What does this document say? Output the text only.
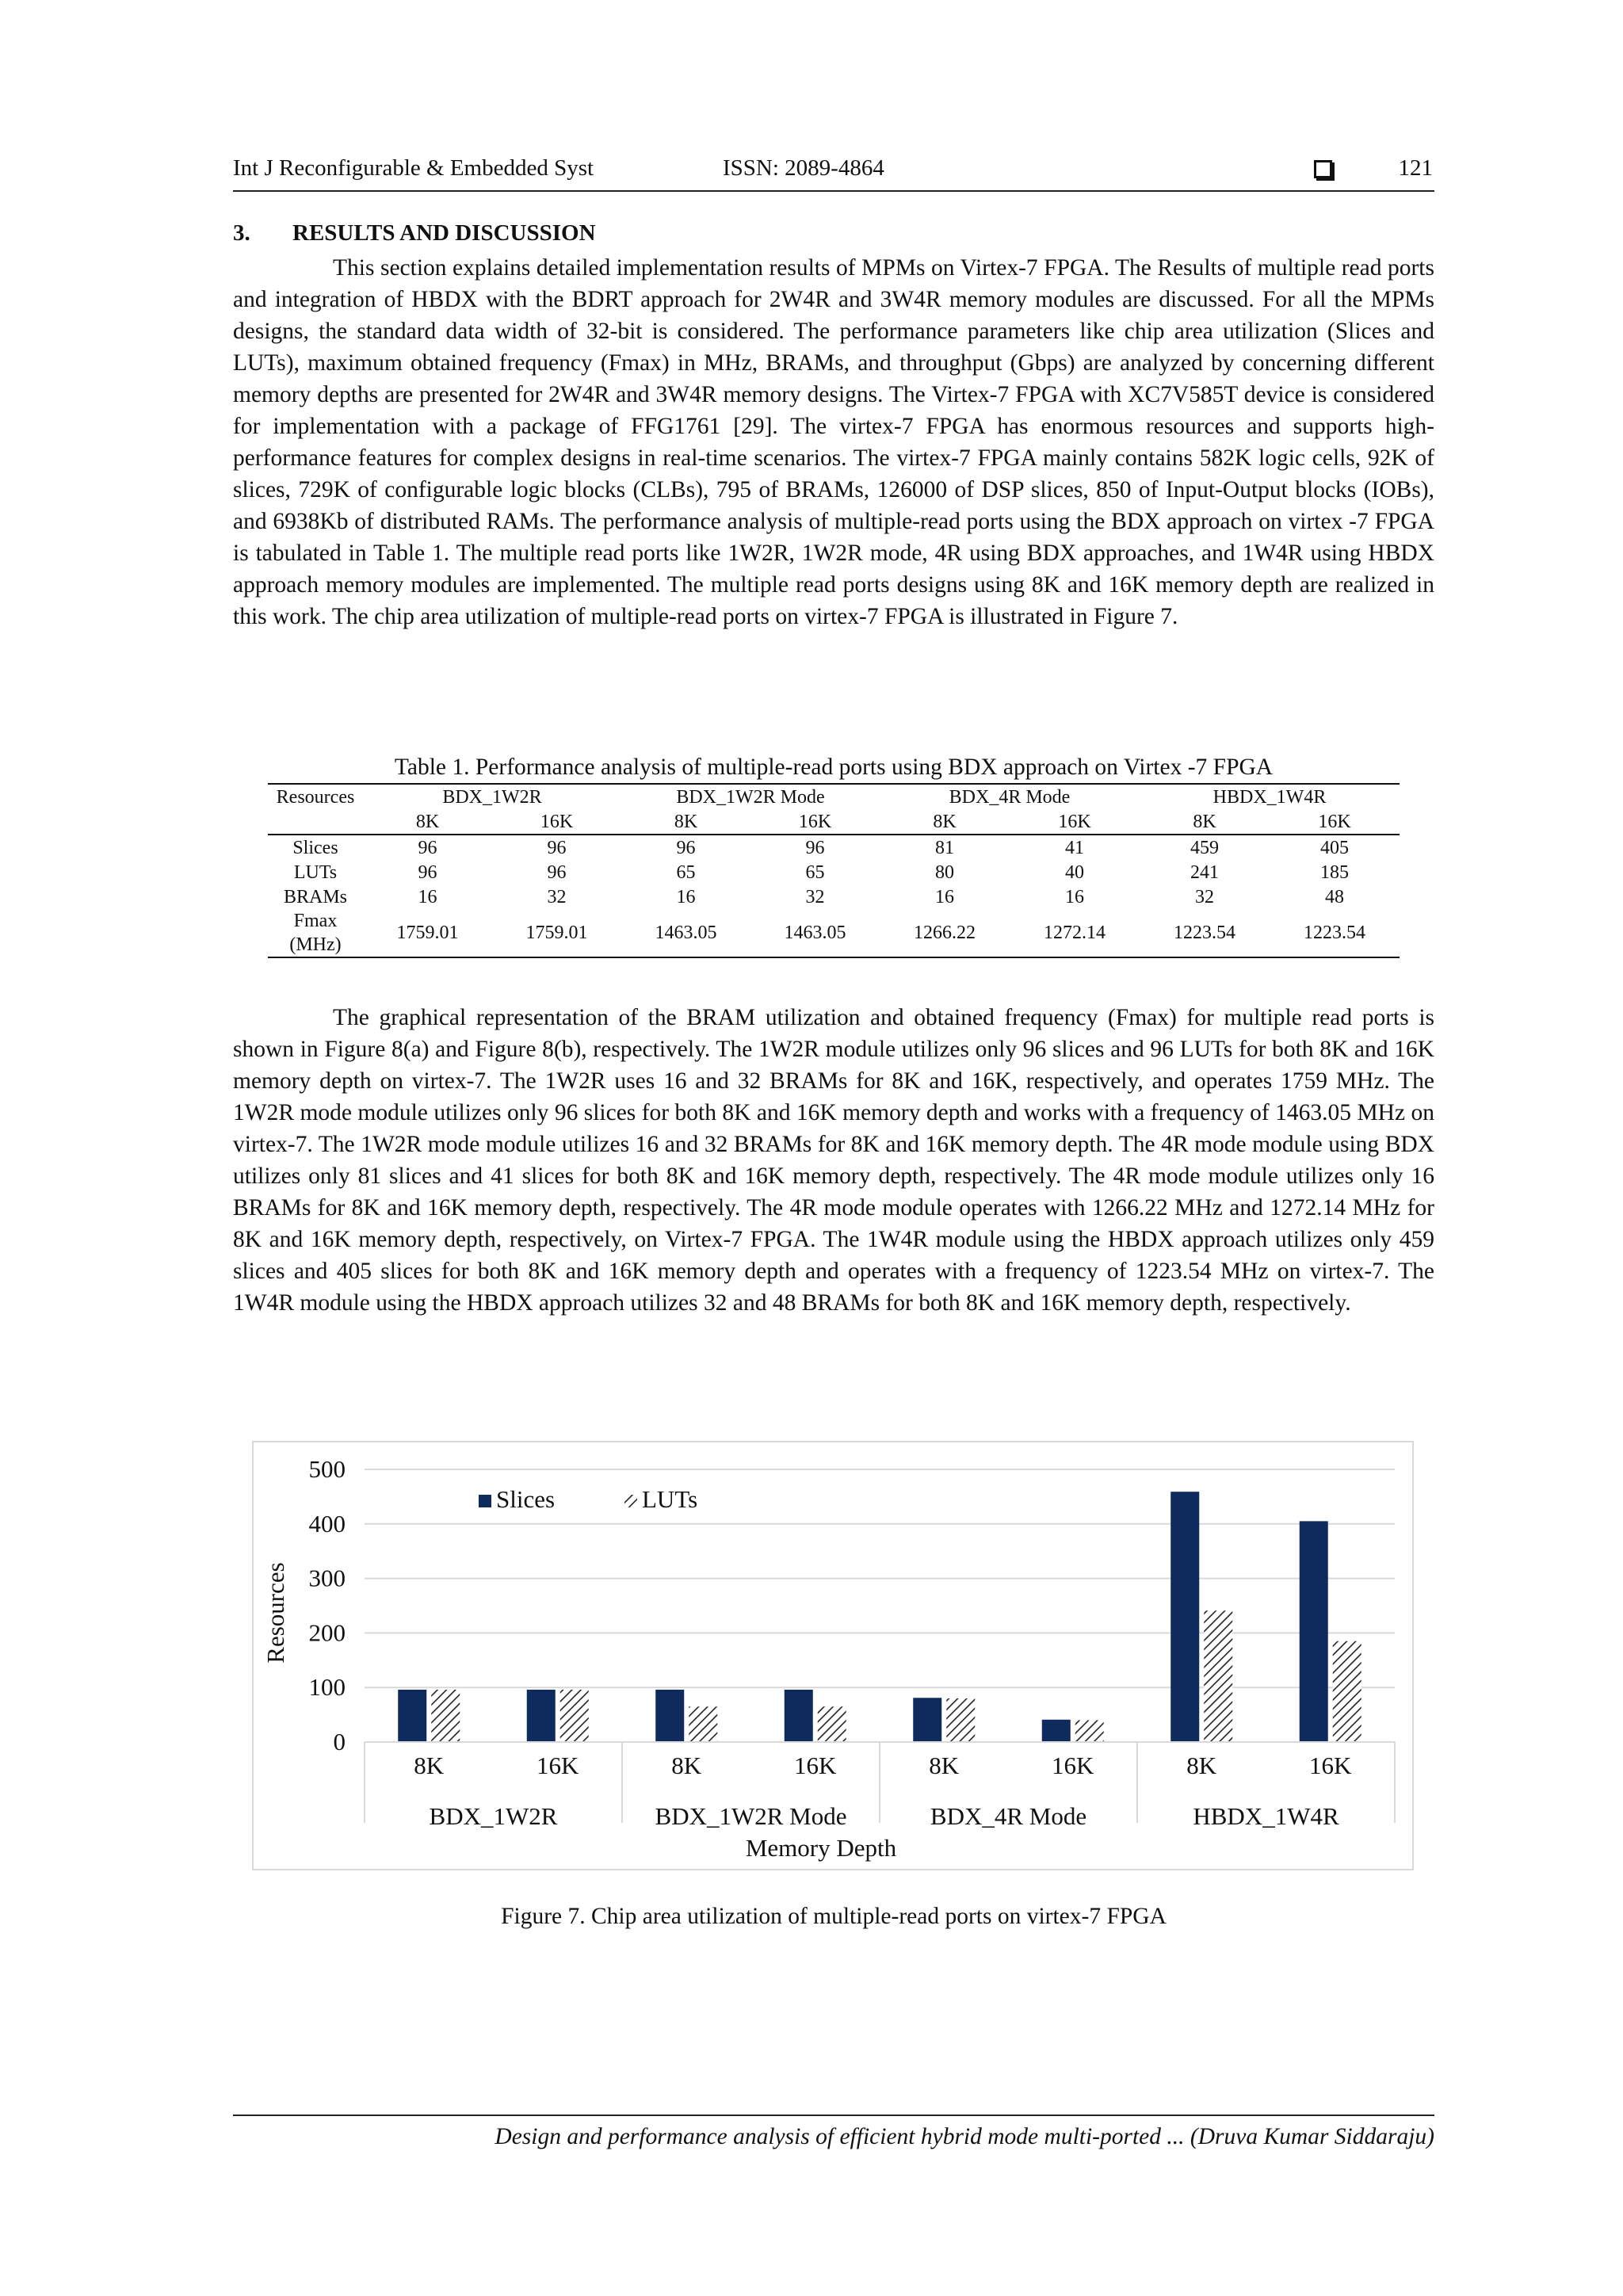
Int J Reconfigurable & Embedded Syst	ISSN: 2089-4864	121
3. RESULTS AND DISCUSSION

This section explains detailed implementation results of MPMs on Virtex-7 FPGA. The Results of multiple read ports and integration of HBDX with the BDRT approach for 2W4R and 3W4R memory modules are discussed. For all the MPMs designs, the standard data width of 32-bit is considered. The performance parameters like chip area utilization (Slices and LUTs), maximum obtained frequency (Fmax) in MHz, BRAMs, and throughput (Gbps) are analyzed by concerning different memory depths are presented for 2W4R and 3W4R memory designs. The Virtex-7 FPGA with XC7V585T device is considered for implementation with a package of FFG1761 [29]. The virtex-7 FPGA has enormous resources and supports high-performance features for complex designs in real-time scenarios. The virtex-7 FPGA mainly contains 582K logic cells, 92K of slices, 729K of configurable logic blocks (CLBs), 795 of BRAMs, 126000 of DSP slices, 850 of Input-Output blocks (IOBs), and 6938Kb of distributed RAMs. The performance analysis of multiple-read ports using the BDX approach on virtex -7 FPGA is tabulated in Table 1. The multiple read ports like 1W2R, 1W2R mode, 4R using BDX approaches, and 1W4R using HBDX approach memory modules are implemented. The multiple read ports designs using 8K and 16K memory depth are realized in this work. The chip area utilization of multiple-read ports on virtex-7 FPGA is illustrated in Figure 7.

Table 1. Performance analysis of multiple-read ports using BDX approach on Virtex -7 FPGA
Resources	BDX_1W2R		BDX_1W2R Mode		BDX_4R Mode		HBDX_1W4R	
	8K	16K	8K	16K	8K	16K	8K	16K
Slices	96	96	96	96	81	41	459	405
LUTs	96	96	65	65	80	40	241	185
BRAMs	16	32	16	32	16	16	32	48
Fmax (MHz)	1759.01	1759.01	1463.05	1463.05	1266.22	1272.14	1223.54	1223.54

The graphical representation of the BRAM utilization and obtained frequency (Fmax) for multiple read ports is shown in Figure 8(a) and Figure 8(b), respectively. The 1W2R module utilizes only 96 slices and 96 LUTs for both 8K and 16K memory depth on virtex-7. The 1W2R uses 16 and 32 BRAMs for 8K and 16K, respectively, and operates 1759 MHz. The 1W2R mode module utilizes only 96 slices for both 8K and 16K memory depth and works with a frequency of 1463.05 MHz on virtex-7. The 1W2R mode module utilizes 16 and 32 BRAMs for 8K and 16K memory depth. The 4R mode module using BDX utilizes only 81 slices and 41 slices for both 8K and 16K memory depth, respectively. The 4R mode module utilizes only 16 BRAMs for 8K and 16K memory depth, respectively. The 4R mode module operates with 1266.22 MHz and 1272.14 MHz for 8K and 16K memory depth, respectively, on Virtex-7 FPGA. The 1W4R module using the HBDX approach utilizes only 459 slices and 405 slices for both 8K and 16K memory depth and operates with a frequency of 1223.54 MHz on virtex-7. The 1W4R module using the HBDX approach utilizes 32 and 48 BRAMs for both 8K and 16K memory depth, respectively.

0
100
200
300
400
500
8K	16K	8K	16K	8K	16K	8K	16K
BDX_1W2R	BDX_1W2R Mode	BDX_4R Mode	HBDX_1W4R
Slices	LUTs
Resources
Memory Depth
Figure 7. Chip area utilization of multiple-read ports on virtex-7 FPGA
Design and performance analysis of efficient hybrid mode multi-ported ... (Druva Kumar Siddaraju)
